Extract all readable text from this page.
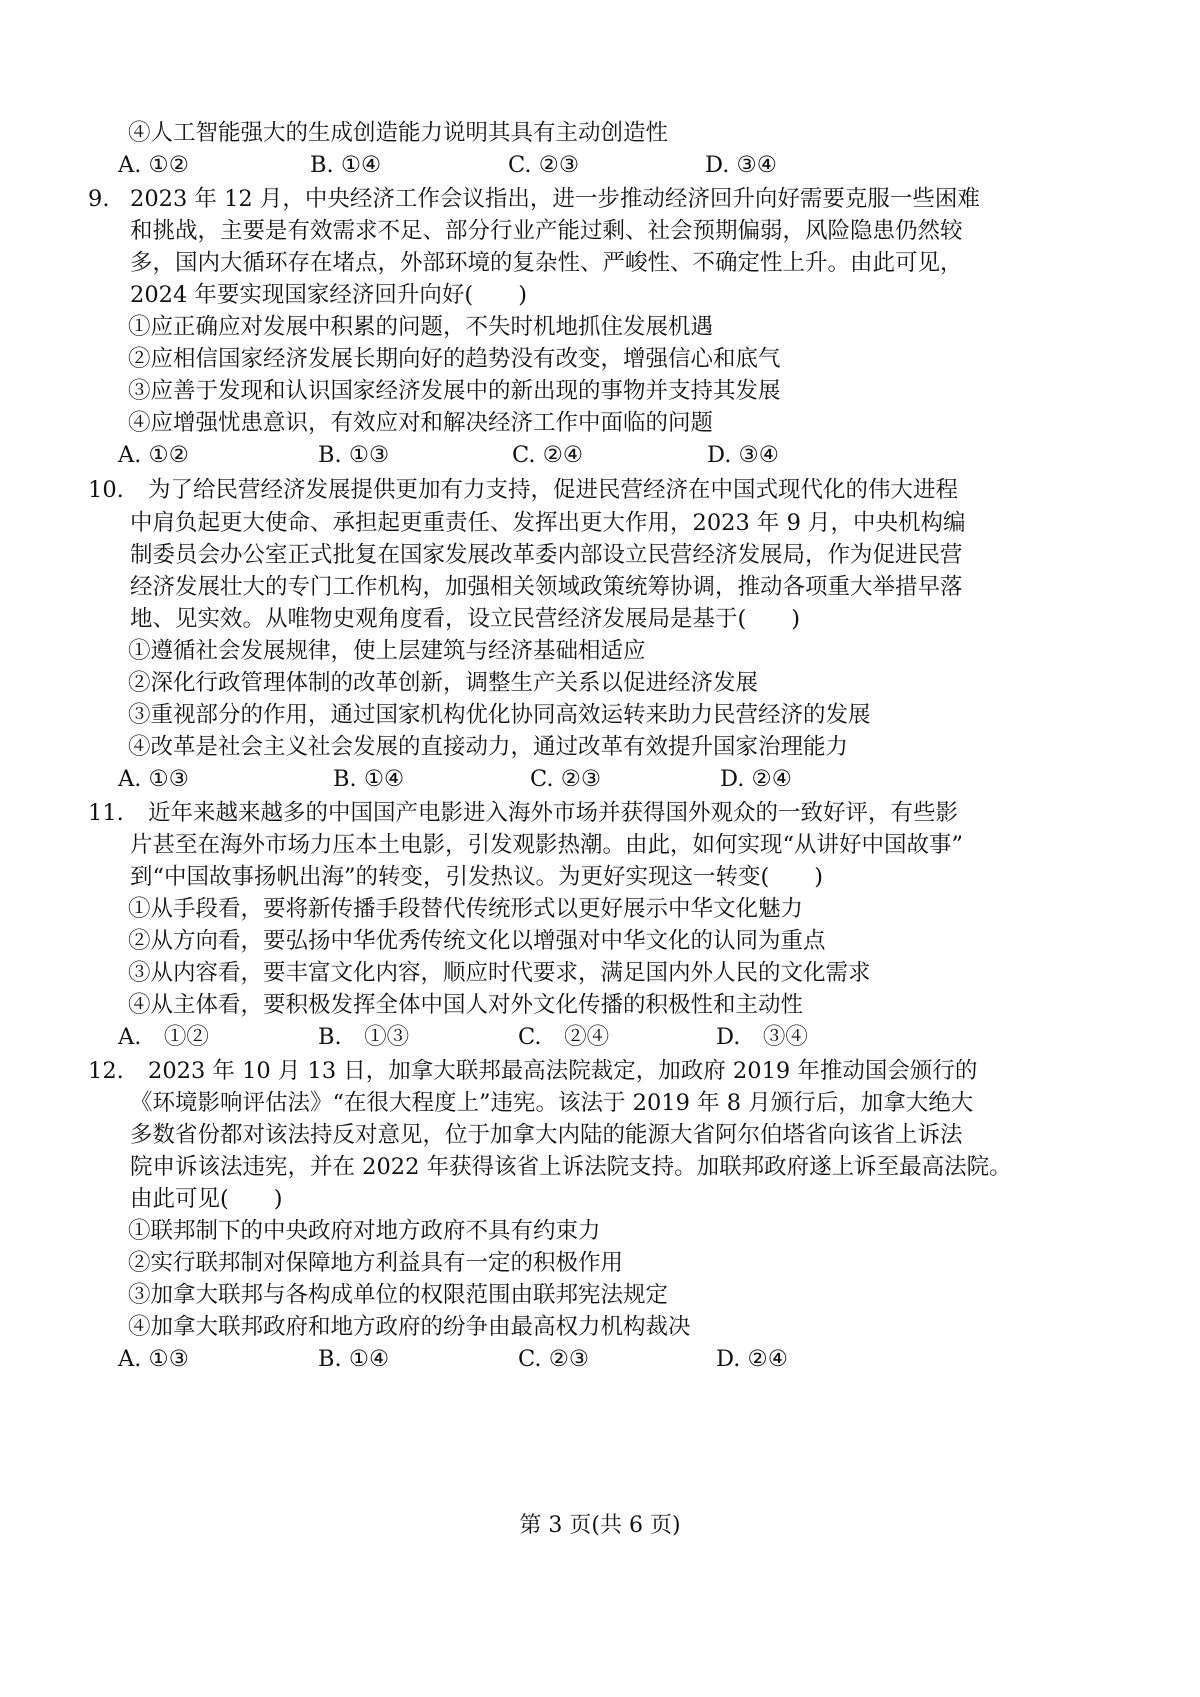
④人工智能强大的生成创造能力说明其具有主动创造性
A. ①②	B. ①④	C. ②③	D. ③④
9. 2023 年 12 月，中央经济工作会议指出，进一步推动经济回升向好需要克服一些困难
和挑战，主要是有效需求不足、部分行业产能过剩、社会预期偏弱，风险隐患仍然较
多，国内大循环存在堵点，外部环境的复杂性、严峻性、不确定性上升。由此可见，
2024 年要实现国家经济回升向好(　　)
①应正确应对发展中积累的问题，不失时机地抓住发展机遇
②应相信国家经济发展长期向好的趋势没有改变，增强信心和底气
③应善于发现和认识国家经济发展中的新出现的事物并支持其发展
④应增强忧患意识，有效应对和解决经济工作中面临的问题
A. ①②	B. ①③	C. ②④	D. ③④
10. 为了给民营经济发展提供更加有力支持，促进民营经济在中国式现代化的伟大进程
中肩负起更大使命、承担起更重责任、发挥出更大作用，2023 年 9 月，中央机构编
制委员会办公室正式批复在国家发展改革委内部设立民营经济发展局，作为促进民营
经济发展壮大的专门工作机构，加强相关领域政策统筹协调，推动各项重大举措早落
地、见实效。从唯物史观角度看，设立民营经济发展局是基于(　　)
①遵循社会发展规律，使上层建筑与经济基础相适应
②深化行政管理体制的改革创新，调整生产关系以促进经济发展
③重视部分的作用，通过国家机构优化协同高效运转来助力民营经济的发展
④改革是社会主义社会发展的直接动力，通过改革有效提升国家治理能力
A. ①③	B. ①④	C. ②③	D. ②④
11. 近年来越来越多的中国国产电影进入海外市场并获得国外观众的一致好评，有些影
片甚至在海外市场力压本土电影，引发观影热潮。由此，如何实现“从讲好中国故事”
到“中国故事扬帆出海”的转变，引发热议。为更好实现这一转变(　　)
①从手段看，要将新传播手段替代传统形式以更好展示中华文化魅力
②从方向看，要弘扬中华优秀传统文化以增强对中华文化的认同为重点
③从内容看，要丰富文化内容，顺应时代要求，满足国内外人民的文化需求
④从主体看，要积极发挥全体中国人对外文化传播的积极性和主动性
A.　①②	B.　①③	C.　②④	D.　③④
12. 2023 年 10 月 13 日，加拿大联邦最高法院裁定，加政府 2019 年推动国会颁行的
《环境影响评估法》“在很大程度上”违宪。该法于 2019 年 8 月颁行后，加拿大绝大
多数省份都对该法持反对意见，位于加拿大内陆的能源大省阿尔伯塔省向该省上诉法
院申诉该法违宪，并在 2022 年获得该省上诉法院支持。加联邦政府遂上诉至最高法院。
由此可见(　　)
①联邦制下的中央政府对地方政府不具有约束力
②实行联邦制对保障地方利益具有一定的积极作用
③加拿大联邦与各构成单位的权限范围由联邦宪法规定
④加拿大联邦政府和地方政府的纷争由最高权力机构裁决
A. ①③	B. ①④	C. ②③	D. ②④
第 3 页(共 6 页)
